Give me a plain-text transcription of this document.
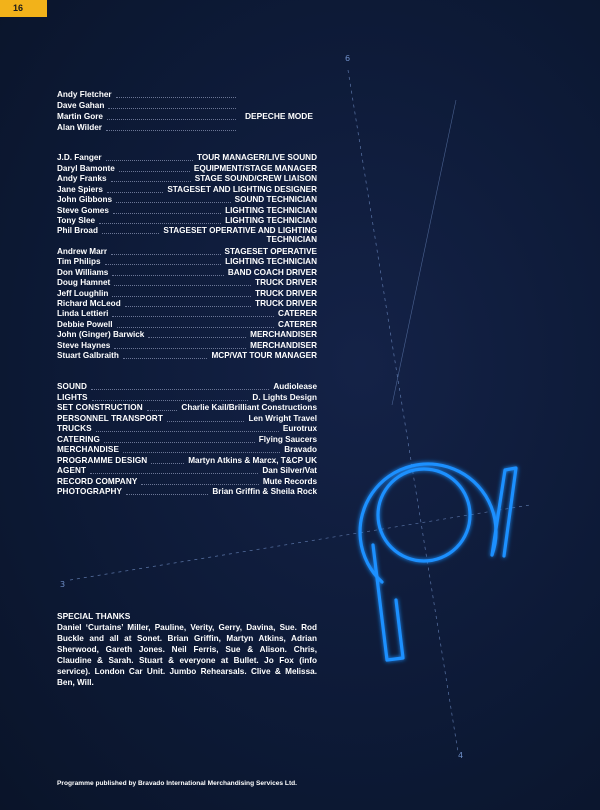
16
6
3
4
Andy Fletcher
Dave Gahan
Martin Gore
Alan Wilder
DEPECHE MODE
J.D. Fanger	TOUR MANAGER/LIVE SOUND
Daryl Bamonte	EQUIPMENT/STAGE MANAGER
Andy Franks	STAGE SOUND/CREW LIAISON
Jane Spiers	STAGESET AND LIGHTING DESIGNER
John Gibbons	SOUND TECHNICIAN
Steve Gomes	LIGHTING TECHNICIAN
Tony Slee	LIGHTING TECHNICIAN
Phil Broad	STAGESET OPERATIVE AND LIGHTING
TECHNICIAN
Andrew Marr	STAGESET OPERATIVE
Tim Philips	LIGHTING TECHNICIAN
Don Williams	BAND COACH DRIVER
Doug Hamnet	TRUCK DRIVER
Jeff Loughlin	TRUCK DRIVER
Richard McLeod	TRUCK DRIVER
Linda Lettieri	CATERER
Debbie Powell	CATERER
John (Ginger) Barwick	MERCHANDISER
Steve Haynes	MERCHANDISER
Stuart Galbraith	MCP/VAT TOUR MANAGER
SOUND	Audiolease
LIGHTS	D. Lights Design
SET CONSTRUCTION	Charlie Kail/Brilliant Constructions
PERSONNEL TRANSPORT	Len Wright Travel
TRUCKS	Eurotrux
CATERING	Flying Saucers
MERCHANDISE	Bravado
PROGRAMME DESIGN	Martyn Atkins & Marcx, T&CP UK
AGENT	Dan Silver/Vat
RECORD COMPANY	Mute Records
PHOTOGRAPHY	Brian Griffin & Sheila Rock
SPECIAL THANKS
Daniel ‘Curtains’ Miller, Pauline, Verity, Gerry, Davina, Sue. Rod Buckle and all at Sonet. Brian Griffin, Martyn Atkins, Adrian Sherwood, Gareth Jones. Neil Ferris, Sue & Alison. Chris, Claudine & Sarah. Stuart & everyone at Bullet. Jo Fox (info service). London Car Unit. Jumbo Rehearsals. Clive & Melissa. Ben, Will.
Programme published by Bravado International Merchandising Services Ltd.
